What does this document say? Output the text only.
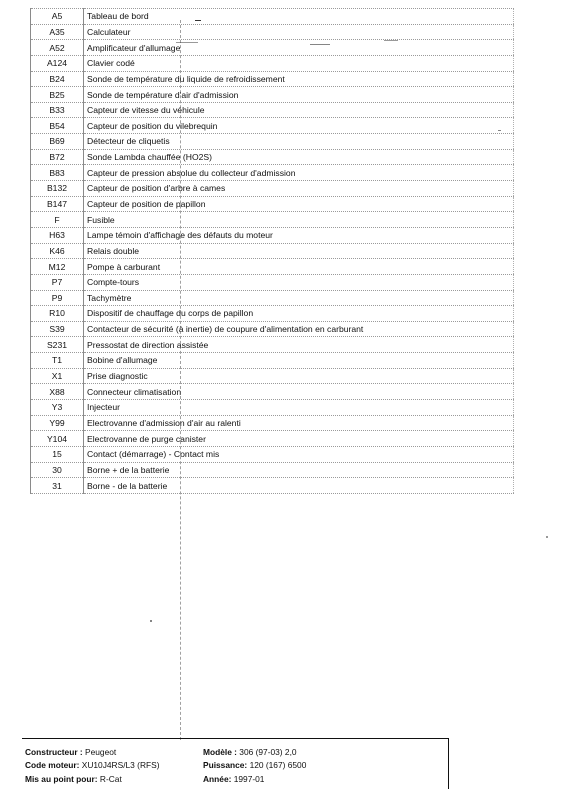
A5	Tableau de bord
A35	Calculateur
A52	Amplificateur d'allumage
A124	Clavier codé
B24	Sonde de température du liquide de refroidissement
B25	Sonde de température d'air d'admission
B33	Capteur de vitesse du véhicule
B54	Capteur de position du vilebrequin
B69	Détecteur de cliquetis
B72	Sonde Lambda chauffée (HO2S)
B83	Capteur de pression absolue du collecteur d'admission
B132	Capteur de position d'arbre à cames
B147	Capteur de position de papillon
F	Fusible
H63	Lampe témoin d'affichage des défauts du moteur
K46	Relais double
M12	Pompe à carburant
P7	Compte-tours
P9	Tachymètre
R10	Dispositif de chauffage du corps de papillon
S39	Contacteur de sécurité (à inertie) de coupure d'alimentation en carburant
S231	Pressostat de direction assistée
T1	Bobine d'allumage
X1	Prise diagnostic
X88	Connecteur climatisation
Y3	Injecteur
Y99	Electrovanne d'admission d'air au ralenti
Y104	Electrovanne de purge canister
15	Contact (démarrage) - Contact mis
30	Borne + de la batterie
31	Borne - de la batterie
Constructeur : Peugeot
Code moteur: XU10J4RS/L3 (RFS)
Mis au point pour: R-Cat
Modèle : 306 (97-03) 2,0
Puissance: 120 (167) 6500
Année: 1997-01
